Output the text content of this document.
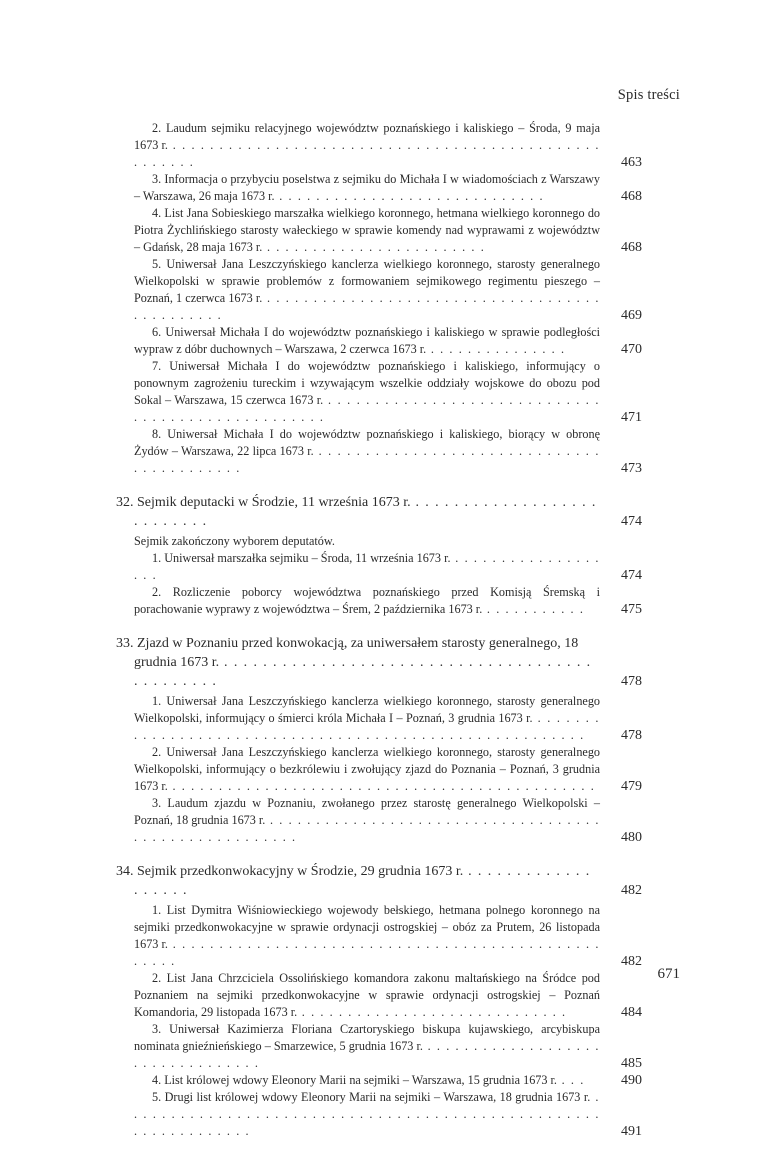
Spis treści
2. Laudum sejmiku relacyjnego województw poznańskiego i kaliskiego – Środa, 9 maja 1673 r. . . . . . . . . . . . . . . . . . . . . . . . . . . . . . . . . . . . . . . . . . . . . . . . . . . . . .	463
3. Informacja o przybyciu poselstwa z sejmiku do Michała I w wiadomościach z Warszawy – Warszawa, 26 maja 1673 r. . . . . . . . . . . . . . . . . . . . . . . . . . . . . .	468
4. List Jana Sobieskiego marszałka wielkiego koronnego, hetmana wielkiego koronnego do Piotra Żychlińskiego starosty wałeckiego w sprawie komendy nad wyprawami z województw – Gdańsk, 28 maja 1673 r. . . . . . . . . . . . . . . . . . . . . . . . .	468
5. Uniwersał Jana Leszczyńskiego kanclerza wielkiego koronnego, starosty generalnego Wielkopolski w sprawie problemów z formowaniem sejmikowego regimentu pieszego – Poznań, 1 czerwca 1673 r. . . . . . . . . . . . . . . . . . . . . . . . . . . . . . . . . . . . . . . . . . . . . . .	469
6. Uniwersał Michała I do województw poznańskiego i kaliskiego w sprawie podległości wypraw z dóbr duchownych – Warszawa, 2 czerwca 1673 r. . . . . . . . . . . . . . . .	470
7. Uniwersał Michała I do województw poznańskiego i kaliskiego, informujący o ponownym zagrożeniu tureckim i wzywającym wszelkie oddziały wojskowe do obozu pod Sokal – Warszawa, 15 czerwca 1673 r. . . . . . . . . . . . . . . . . . . . . . . . . . . . . . . . . . . . . . . . . . . . . . . . . . .	471
8. Uniwersał Michała I do województw poznańskiego i kaliskiego, biorący w obronę Żydów – Warszawa, 22 lipca 1673 r. . . . . . . . . . . . . . . . . . . . . . . . . . . . . . . . . . . . . . . . . . .	473
32. Sejmik deputacki w Środzie, 11 września 1673 r. . . . . . . . . . . . . . . . . . . . . . . . . . . .	474
Sejmik zakończony wyborem deputatów.
1. Uniwersał marszałka sejmiku – Środa, 11 września 1673 r. . . . . . . . . . . . . . . . . . . .	474
2. Rozliczenie poborcy województwa poznańskiego przed Komisją Śremską i porachowanie wyprawy z województwa – Śrem, 2 października 1673 r. . . . . . . . . . . .	475
33. Zjazd w Poznaniu przed konwokacją, za uniwersałem starosty generalnego, 18 grudnia 1673 r. . . . . . . . . . . . . . . . . . . . . . . . . . . . . . . . . . . . . . . . . . . . . . . .	478
1. Uniwersał Jana Leszczyńskiego kanclerza wielkiego koronnego, starosty generalnego Wielkopolski, informujący o śmierci króla Michała I – Poznań, 3 grudnia 1673 r. . . . . . . . . . . . . . . . . . . . . . . . . . . . . . . . . . . . . . . . . . . . . . . . . . . . . . . . .	478
2. Uniwersał Jana Leszczyńskiego kanclerza wielkiego koronnego, starosty generalnego Wielkopolski, informujący o bezkrólewiu i zwołujący zjazd do Poznania – Poznań, 3 grudnia 1673 r. . . . . . . . . . . . . . . . . . . . . . . . . . . . . . . . . . . . . . . . . . . . . . .	479
3. Laudum zjazdu w Poznaniu, zwołanego przez starostę generalnego Wielkopolski – Poznań, 18 grudnia 1673 r. . . . . . . . . . . . . . . . . . . . . . . . . . . . . . . . . . . . . . . . . . . . . . . . . . . . . . .	480
34. Sejmik przedkonwokacyjny w Środzie, 29 grudnia 1673 r. . . . . . . . . . . . . . . . . . . .	482
1. List Dymitra Wiśniowieckiego wojewody bełskiego, hetmana polnego koronnego na sejmiki przedkonwokacyjne w sprawie ordynacji ostrogskiej – obóz za Prutem, 26 listopada 1673 r. . . . . . . . . . . . . . . . . . . . . . . . . . . . . . . . . . . . . . . . . . . . . . . . . . . .	482
2. List Jana Chrzciciela Ossolińskiego komandora zakonu maltańskiego na Śródce pod Poznaniem na sejmiki przedkonwokacyjne w sprawie ordynacji ostrogskiej – Poznań Komandoria, 29 listopada 1673 r. . . . . . . . . . . . . . . . . . . . . . . . . . . . . .	484
3. Uniwersał Kazimierza Floriana Czartoryskiego biskupa kujawskiego, arcybiskupa nominata gnieźnieńskiego – Smarzewice, 5 grudnia 1673 r. . . . . . . . . . . . . . . . . . . . . . . . . . . . . . . . . .	485
4. List królowej wdowy Eleonory Marii na sejmiki – Warszawa, 15 grudnia 1673 r. . . .	490
5. Drugi list królowej wdowy Eleonory Marii na sejmiki – Warszawa, 18 grudnia 1673 r. . . . . . . . . . . . . . . . . . . . . . . . . . . . . . . . . . . . . . . . . . . . . . . . . . . . . . . . . . . . . . . . .	491
671
